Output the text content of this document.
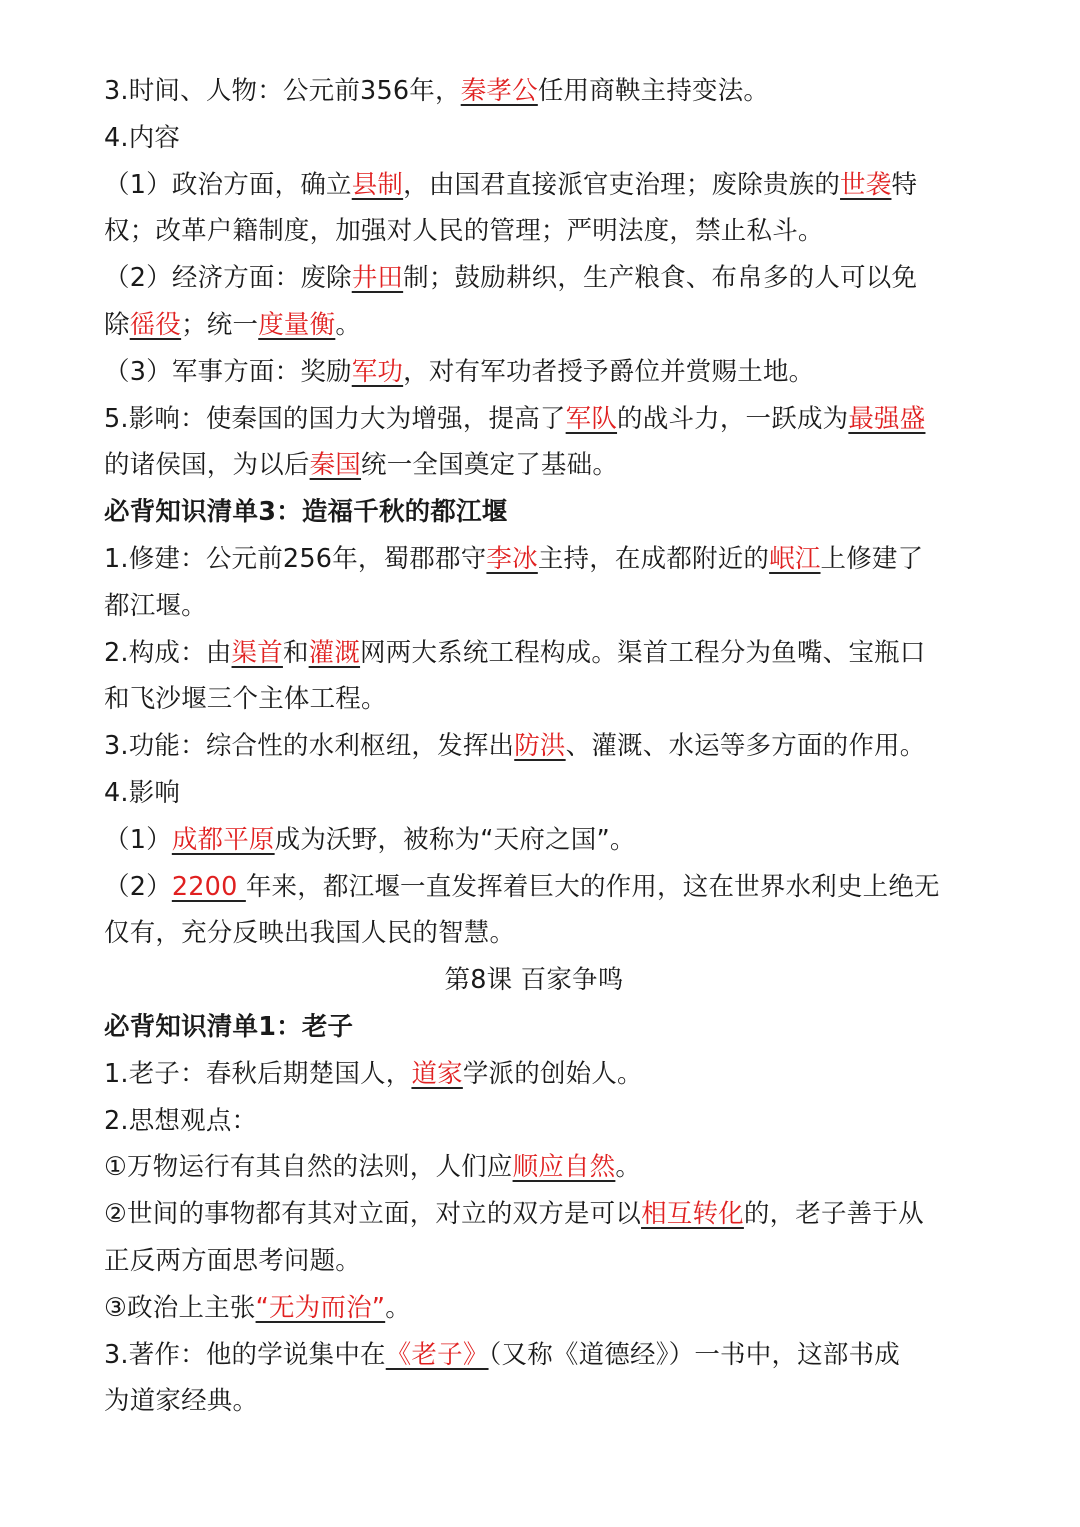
3.时间、人物：公元前356年，秦孝公任用商鞅主持变法。
4.内容
（1）政治方面，确立县制，由国君直接派官吏治理；废除贵族的世袭特
权；改革户籍制度，加强对人民的管理；严明法度，禁止私斗。
（2）经济方面：废除井田制；鼓励耕织，生产粮食、布帛多的人可以免
除徭役；统一度量衡。
（3）军事方面：奖励军功，对有军功者授予爵位并赏赐土地。
5.影响：使秦国的国力大为增强，提高了军队的战斗力，一跃成为最强盛
的诸侯国，为以后秦国统一全国奠定了基础。
必背知识清单3：造福千秋的都江堰
1.修建：公元前256年，蜀郡郡守李冰主持，在成都附近的岷江上修建了
都江堰。
2.构成：由渠首和灌溉网两大系统工程构成。渠首工程分为鱼嘴、宝瓶口
和飞沙堰三个主体工程。
3.功能：综合性的水利枢纽，发挥出防洪、灌溉、水运等多方面的作用。
4.影响
（1）成都平原成为沃野，被称为“天府之国”。
（2）2200 年来，都江堰一直发挥着巨大的作用，这在世界水利史上绝无
仅有，充分反映出我国人民的智慧。
第8课 百家争鸣
必背知识清单1：老子
1.老子：春秋后期楚国人，道家学派的创始人。
2.思想观点：
①万物运行有其自然的法则，人们应顺应自然。
②世间的事物都有其对立面，对立的双方是可以相互转化的，老子善于从
正反两方面思考问题。
③政治上主张“无为而治”。
3.著作：他的学说集中在《老子》（又称《道德经》）一书中，这部书成
为道家经典。
